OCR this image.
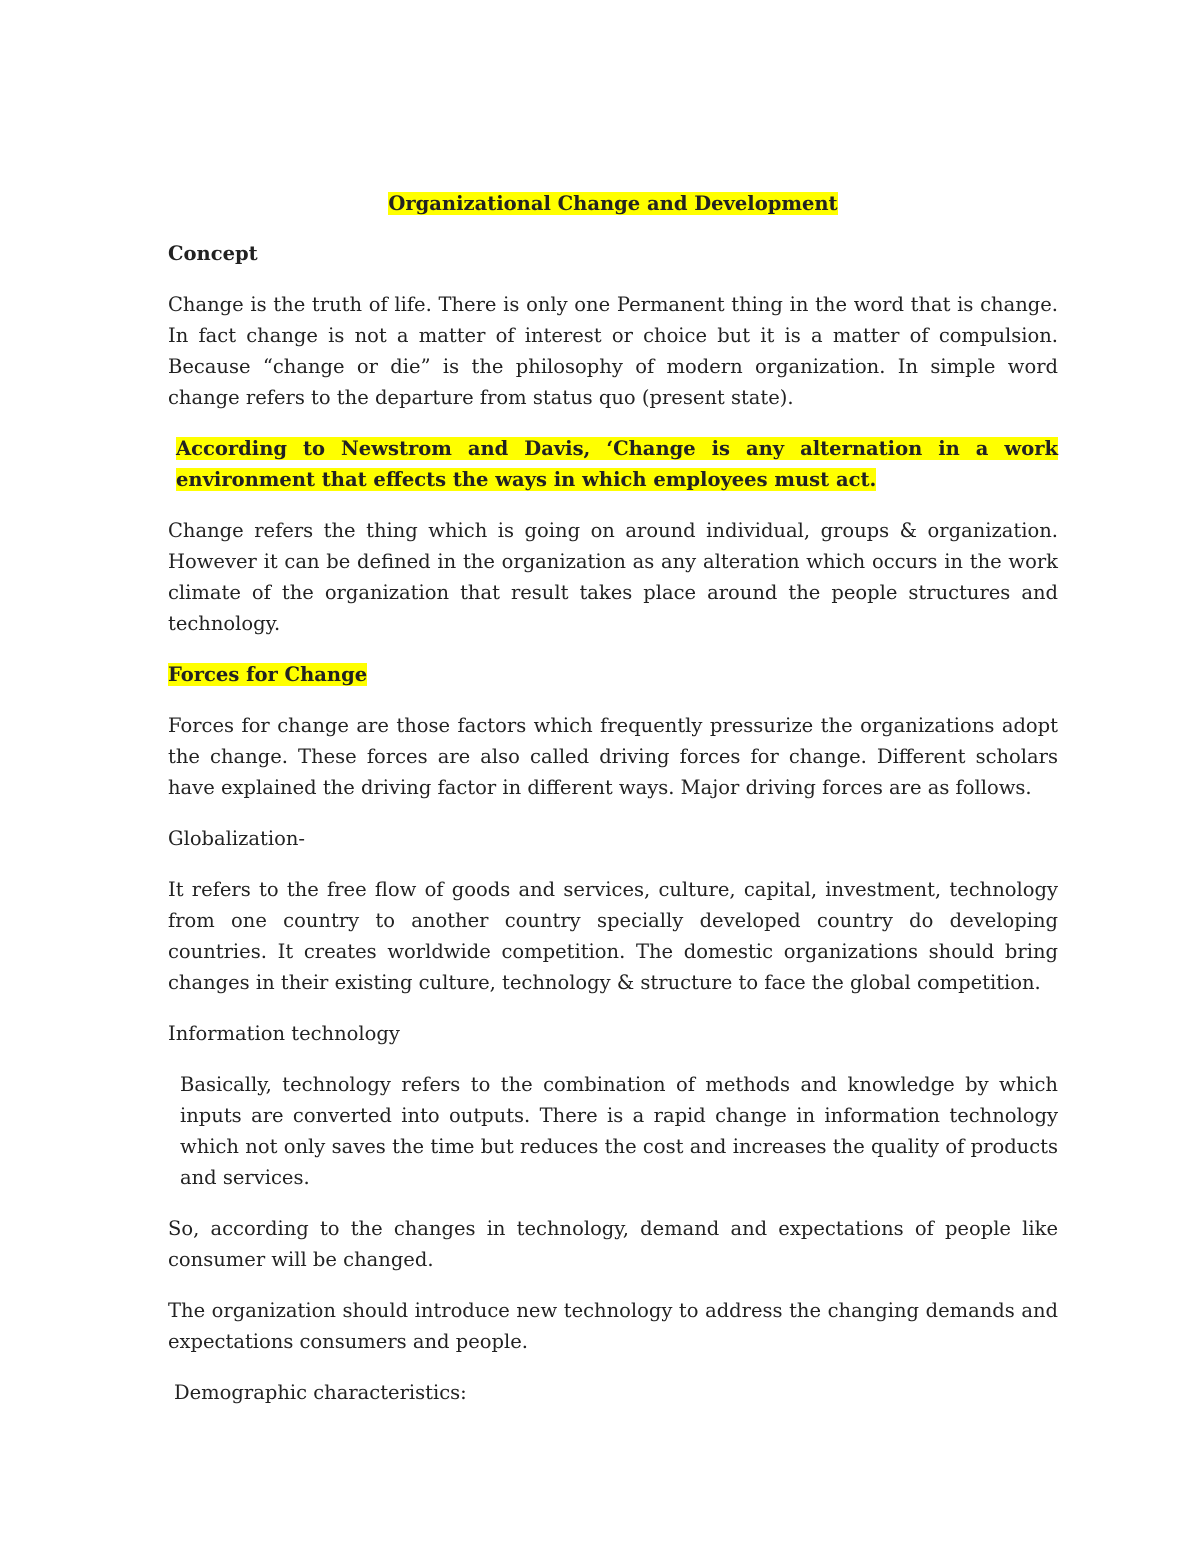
Organizational Change and Development
Concept

Change is the truth of life. There is only one Permanent thing in the word that is change. In fact change is not a matter of interest or choice but it is a matter of compulsion. Because “change or die” is the philosophy of modern organization. In simple word change refers to the departure from status quo (present state).

According to Newstrom and Davis, ‘Change is any alternation in a work environment that effects the ways in which employees must act.

Change refers the thing which is going on around individual, groups & organization. However it can be defined in the organization as any alteration which occurs in the work climate of the organization that result takes place around the people structures and technology.

Forces for Change

Forces for change are those factors which frequently pressurize the organizations adopt the change. These forces are also called driving forces for change. Different scholars have explained the driving factor in different ways. Major driving forces are as follows.

Globalization-

It refers to the free flow of goods and services, culture, capital, investment, technology from one country to another country specially developed country do developing countries. It creates worldwide competition. The domestic organizations should bring changes in their existing culture, technology & structure to face the global competition.

Information technology

Basically, technology refers to the combination of methods and knowledge by which inputs are converted into outputs. There is a rapid change in information technology which not only saves the time but reduces the cost and increases the quality of products and services.

So, according to the changes in technology, demand and expectations of people like consumer will be changed.

The organization should introduce new technology to address the changing demands and expectations consumers and people.

Demographic characteristics:
